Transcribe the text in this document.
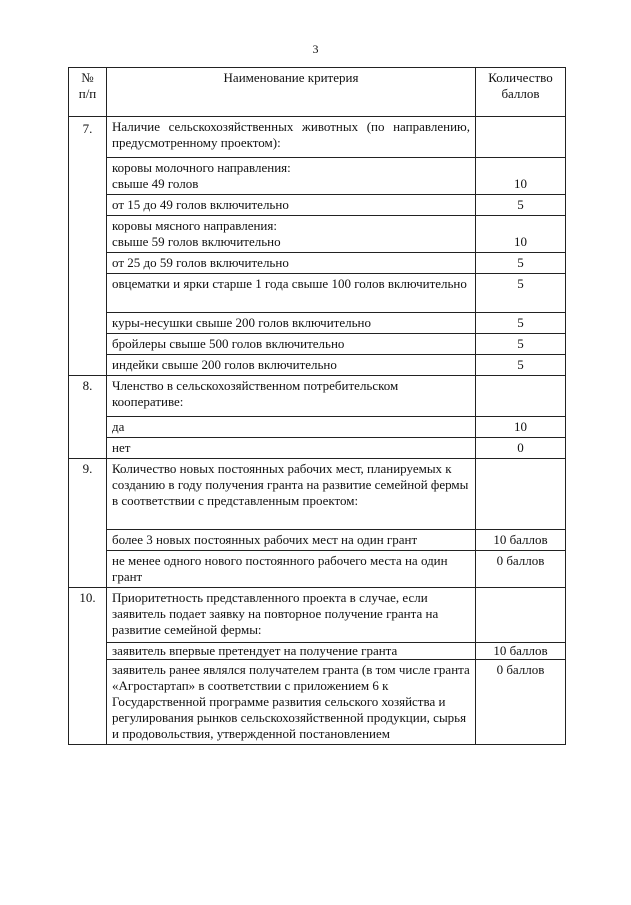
3
№
п/п	Наименование критерия	Количество баллов
7.	Наличие сельскохозяйственных животных (по направлению, предусмотренному проектом):	
	коровы молочного направления:
свыше 49 голов	10
	от 15 до 49 голов включительно	5
	коровы мясного направления:
свыше 59 голов включительно	10
	от 25 до 59 голов включительно	5
	овцематки и ярки старше 1 года свыше 100 голов включительно	5
	куры-несушки свыше 200 голов включительно	5
	бройлеры свыше 500 голов включительно	5
	индейки свыше 200 голов включительно	5
8.	Членство в сельскохозяйственном потребительском кооперативе:	
	да	10
	нет	0
9.	Количество новых постоянных рабочих мест, планируемых к созданию в году получения гранта на развитие семейной фермы в соответствии с представленным проектом:	
	более 3 новых постоянных рабочих мест на один грант	10 баллов
	не менее одного нового постоянного рабочего места на один грант	0 баллов
10.	Приоритетность представленного проекта в случае, если заявитель подает заявку на повторное получение гранта на развитие семейной фермы:	
	заявитель впервые претендует на получение гранта	10 баллов
	заявитель ранее являлся получателем гранта (в том числе гранта «Агростартап» в соответствии с приложением 6 к Государственной программе развития сельского хозяйства и регулирования рынков сельскохозяйственной продукции, сырья и продовольствия, утвержденной постановлением	0 баллов
